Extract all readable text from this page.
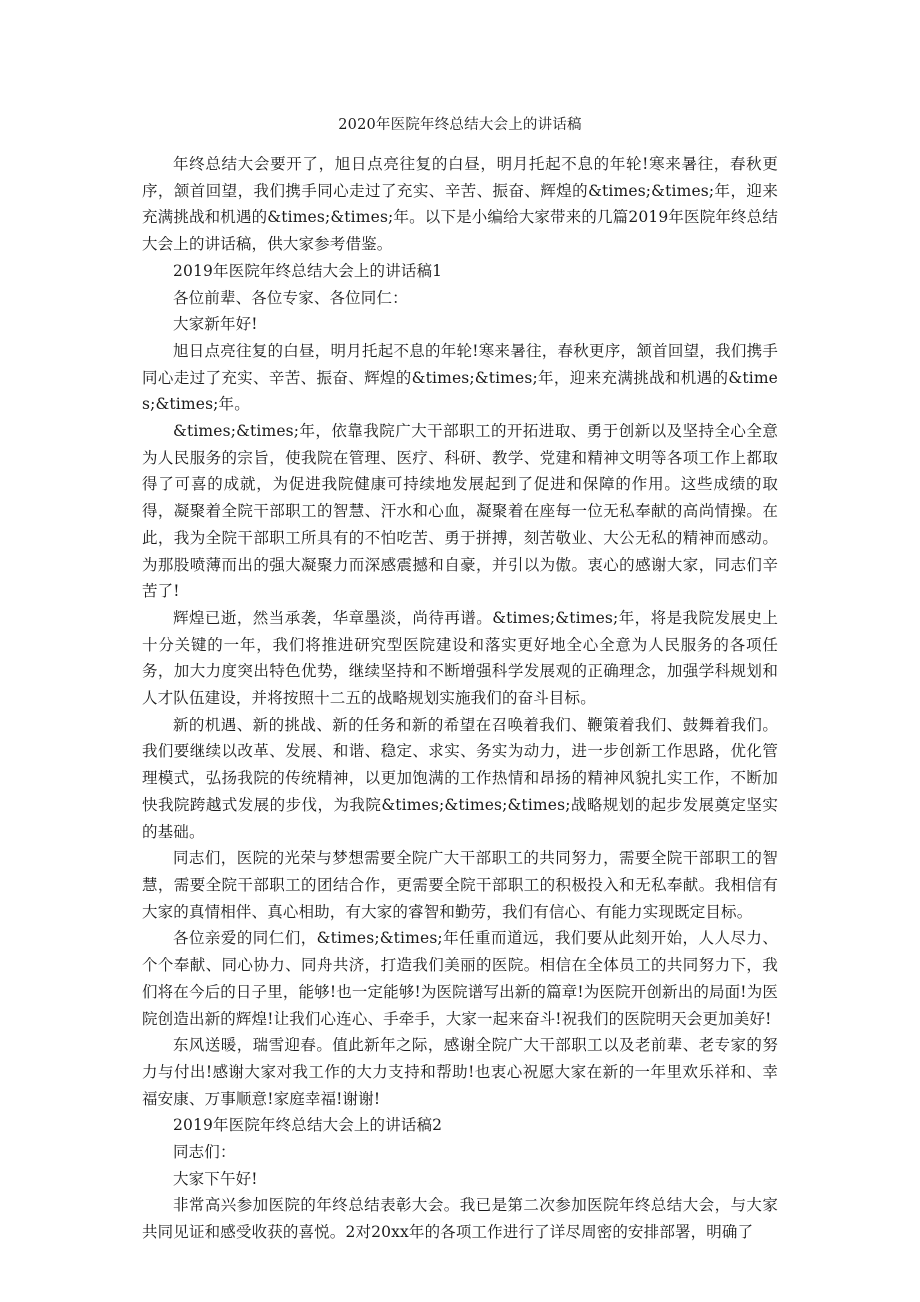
2020年医院年终总结大会上的讲话稿

年终总结大会要开了，旭日点亮往复的白昼，明月托起不息的年轮!寒来暑往，春秋更序，颔首回望，我们携手同心走过了充实、辛苦、振奋、辉煌的&times;&times;年，迎来充满挑战和机遇的&times;&times;年。以下是小编给大家带来的几篇2019年医院年终总结大会上的讲话稿，供大家参考借鉴。

2019年医院年终总结大会上的讲话稿1

各位前辈、各位专家、各位同仁：

大家新年好!

旭日点亮往复的白昼，明月托起不息的年轮!寒来暑往，春秋更序，颔首回望，我们携手同心走过了充实、辛苦、振奋、辉煌的&times;&times;年，迎来充满挑战和机遇的&times;&times;年。

&times;&times;年，依靠我院广大干部职工的开拓进取、勇于创新以及坚持全心全意为人民服务的宗旨，使我院在管理、医疗、科研、教学、党建和精神文明等各项工作上都取得了可喜的成就，为促进我院健康可持续地发展起到了促进和保障的作用。这些成绩的取得，凝聚着全院干部职工的智慧、汗水和心血，凝聚着在座每一位无私奉献的高尚情操。在此，我为全院干部职工所具有的不怕吃苦、勇于拼搏，刻苦敬业、大公无私的精神而感动。为那股喷薄而出的强大凝聚力而深感震撼和自豪，并引以为傲。衷心的感谢大家，同志们辛苦了!

辉煌已逝，然当承袭，华章墨淡，尚待再谱。&times;&times;年，将是我院发展史上十分关键的一年，我们将推进研究型医院建设和落实更好地全心全意为人民服务的各项任务，加大力度突出特色优势，继续坚持和不断增强科学发展观的正确理念，加强学科规划和人才队伍建设，并将按照十二五的战略规划实施我们的奋斗目标。

新的机遇、新的挑战、新的任务和新的希望在召唤着我们、鞭策着我们、鼓舞着我们。我们要继续以改革、发展、和谐、稳定、求实、务实为动力，进一步创新工作思路，优化管理模式，弘扬我院的传统精神，以更加饱满的工作热情和昂扬的精神风貌扎实工作，不断加快我院跨越式发展的步伐，为我院&times;&times;&times;战略规划的起步发展奠定坚实的基础。

同志们，医院的光荣与梦想需要全院广大干部职工的共同努力，需要全院干部职工的智慧，需要全院干部职工的团结合作，更需要全院干部职工的积极投入和无私奉献。我相信有大家的真情相伴、真心相助，有大家的睿智和勤劳，我们有信心、有能力实现既定目标。

各位亲爱的同仁们，&times;&times;年任重而道远，我们要从此刻开始，人人尽力、个个奉献、同心协力、同舟共济，打造我们美丽的医院。相信在全体员工的共同努力下，我们将在今后的日子里，能够!也一定能够!为医院谱写出新的篇章!为医院开创新出的局面!为医院创造出新的辉煌!让我们心连心、手牵手，大家一起来奋斗!祝我们的医院明天会更加美好!

东风送暖，瑞雪迎春。值此新年之际，感谢全院广大干部职工以及老前辈、老专家的努力与付出!感谢大家对我工作的大力支持和帮助!也衷心祝愿大家在新的一年里欢乐祥和、幸福安康、万事顺意!家庭幸福!谢谢!

2019年医院年终总结大会上的讲话稿2

同志们：

大家下午好!

非常高兴参加医院的年终总结表彰大会。我已是第二次参加医院年终总结大会，与大家共同见证和感受收获的喜悦。2对20xx年的各项工作进行了详尽周密的安排部署，明确了
